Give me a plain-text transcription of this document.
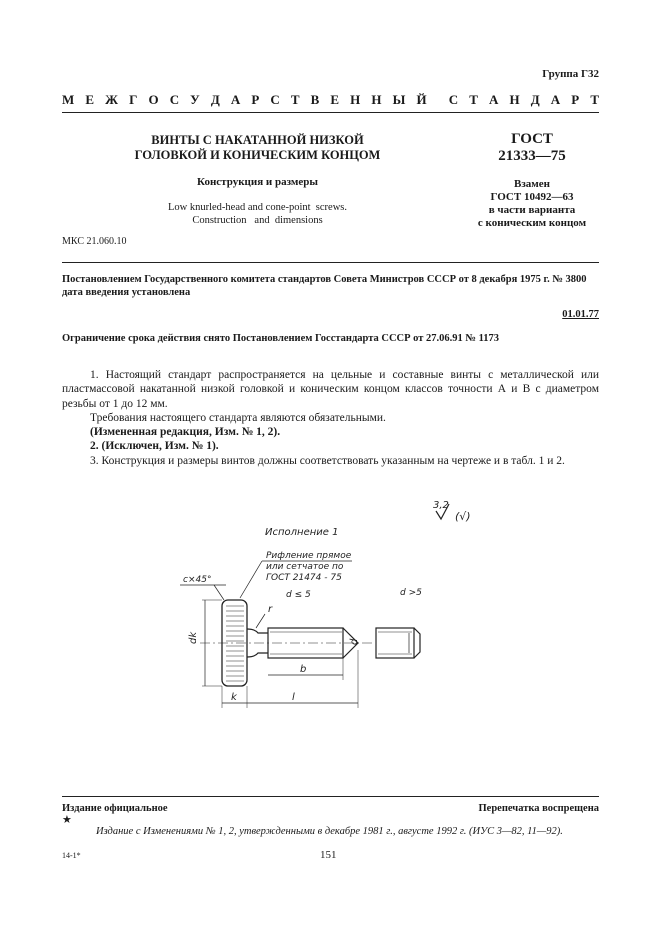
Группа Г32
М Е Ж Г О С У Д А Р С Т В Е Н Н Ы Й С Т А Н Д А Р Т
ВИНТЫ С НАКАТАННОЙ НИЗКОЙ
ГОЛОВКОЙ И КОНИЧЕСКИМ КОНЦОМ
Конструкция и размеры
Low knurled-head and cone-point  screws.
Construction   and  dimensions
ГОСТ
21333—75
Взамен
ГОСТ 10492—63
в части варианта
с коническим концом
МКС 21.060.10
Постановлением Государственного комитета стандартов Совета Министров СССР от 8 декабря 1975 г. № 3800
дата введения установлена
01.01.77
Ограничение срока действия снято Постановлением Госстандарта СССР от 27.06.91 № 1173

1. Настоящий стандарт распространяется на цельные и составные винты с металлической или пластмассовой накатанной низкой головкой и коническим концом классов точности А и В с диаметром резьбы от 1 до 12 мм.

Требования настоящего стандарта являются обязательными.

(Измененная редакция, Изм. № 1, 2).

2. (Исключен, Изм. № 1).

3. Конструкция и размеры винтов должны соответствовать указанным на чертеже и в табл. 1 и 2.

3,2
(√)
Исполнение 1
Рифление прямое
или сетчатое по
ГОСТ 21474 - 75
c×45°
d ≤ 5	d >5
d
r
dk
b
k	l
Издание официальное	Перепечатка воспрещена
★
Издание с Изменениями № 1, 2, утвержденными в декабре 1981 г., августе 1992 г. (ИУС 3—82, 11—92).
14-1*	151
